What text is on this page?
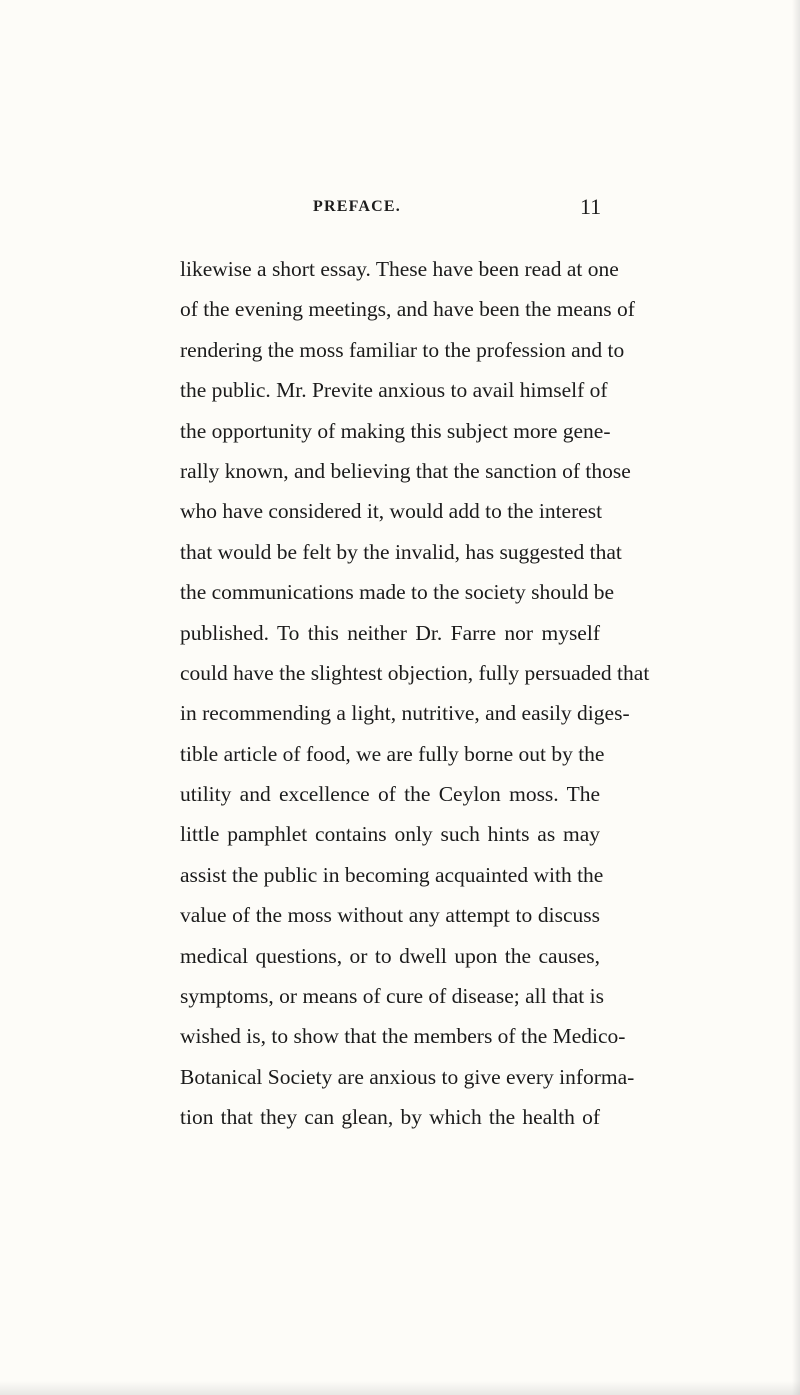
PREFACE.	11
likewise a short essay. These have been read at one
of the evening meetings, and have been the means of
rendering the moss familiar to the profession and to
the public. Mr. Previte anxious to avail himself of
the opportunity of making this subject more gene-
rally known, and believing that the sanction of those
who have considered it, would add to the interest
that would be felt by the invalid, has suggested that
the communications made to the society should be
published. To this neither Dr. Farre nor myself
could have the slightest objection, fully persuaded that
in recommending a light, nutritive, and easily diges-
tible article of food, we are fully borne out by the
utility and excellence of the Ceylon moss. The
little pamphlet contains only such hints as may
assist the public in becoming acquainted with the
value of the moss without any attempt to discuss
medical questions, or to dwell upon the causes,
symptoms, or means of cure of disease; all that is
wished is, to show that the members of the Medico-
Botanical Society are anxious to give every informa-
tion that they can glean, by which the health of
